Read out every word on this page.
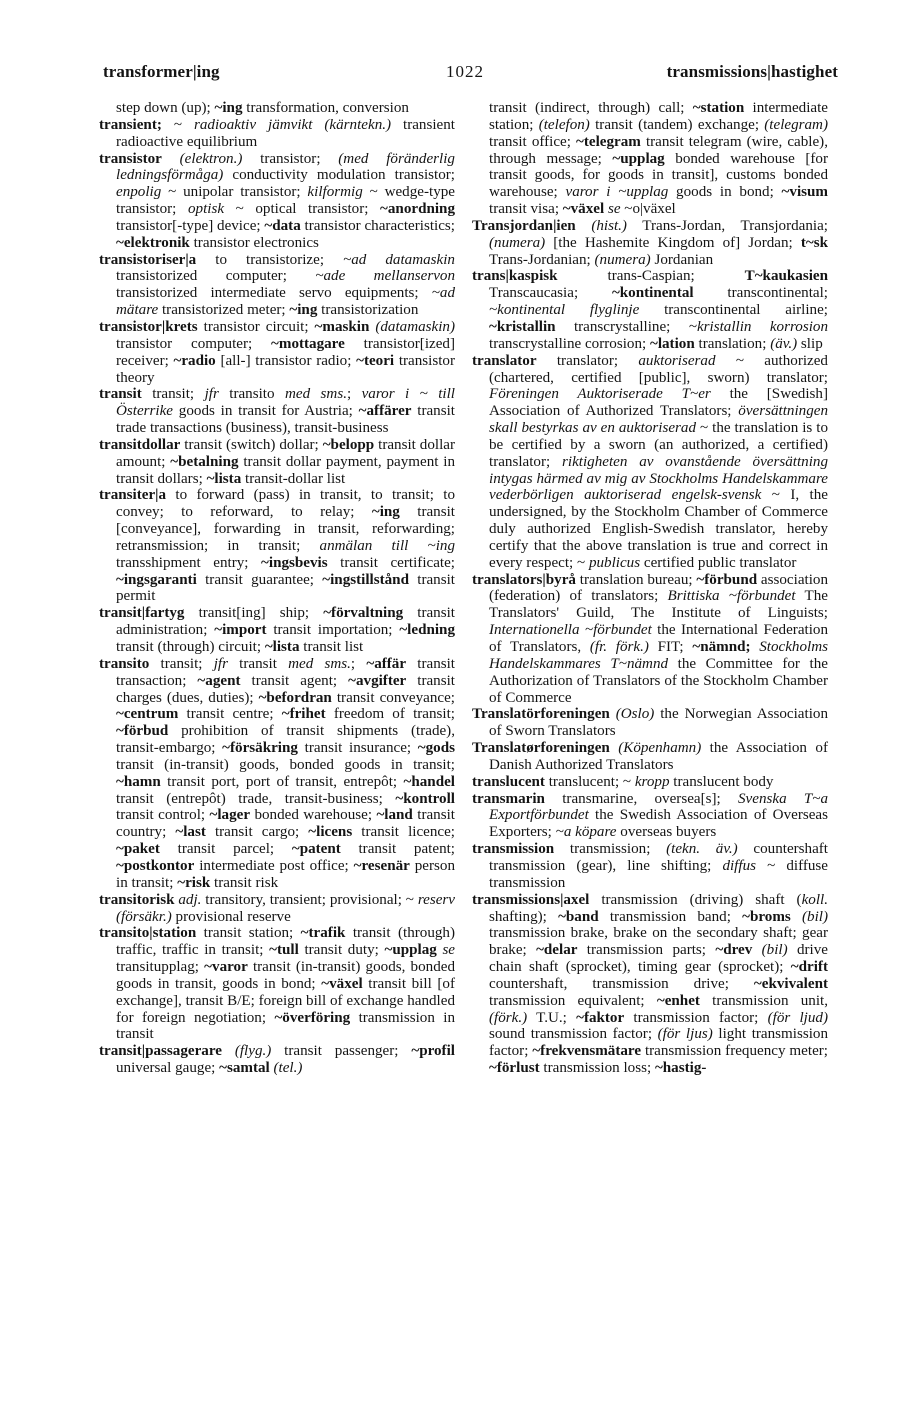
transformer|ing	1022	transmissions|hastighet

step down (up); ~ing transformation, conversion

transient; ~ radioaktiv jämvikt (kärntekn.) transient radioactive equilibrium

transistor (elektron.) transistor; (med föränderlig ledningsförmåga) conductivity modulation transistor; enpolig ~ unipolar transistor; kilformig ~ wedge-type transistor; optisk ~ optical transistor; ~anordning transistor[-type] device; ~data transistor characteristics; ~elektronik transistor electronics

transistoriser|a to transistorize; ~ad datamaskin transistorized computer; ~ade mellanservon transistorized intermediate servo equipments; ~ad mätare transistorized meter; ~ing transistorization

transistor|krets transistor circuit; ~maskin (datamaskin) transistor computer; ~mottagare transistor[ized] receiver; ~radio [all-] transistor radio; ~teori transistor theory

transit transit; jfr transito med sms.; varor i ~ till Österrike goods in transit for Austria; ~affärer transit trade transactions (business), transit-business

transitdollar transit (switch) dollar; ~belopp transit dollar amount; ~betalning transit dollar payment, payment in transit dollars; ~lista transit-dollar list

transiter|a to forward (pass) in transit, to transit; to convey; to reforward, to relay; ~ing transit [conveyance], forwarding in transit, reforwarding; retransmission; in transit; anmälan till ~ing transshipment entry; ~ingsbevis transit certificate; ~ingsgaranti transit guarantee; ~ingstillstånd transit permit

transit|fartyg transit[ing] ship; ~förvaltning transit administration; ~import transit importation; ~ledning transit (through) circuit; ~lista transit list

transito transit; jfr transit med sms.; ~affär transit transaction; ~agent transit agent; ~avgifter transit charges (dues, duties); ~befordran transit conveyance; ~centrum transit centre; ~frihet freedom of transit; ~förbud prohibition of transit shipments (trade), transit-embargo; ~försäkring transit insurance; ~gods transit (in-transit) goods, bonded goods in transit; ~hamn transit port, port of transit, entrepôt; ~handel transit (entrepôt) trade, transit-business; ~kontroll transit control; ~lager bonded warehouse; ~land transit country; ~last transit cargo; ~licens transit licence; ~paket transit parcel; ~patent transit patent; ~postkontor intermediate post office; ~resenär person in transit; ~risk transit risk

transitorisk adj. transitory, transient; provisional; ~ reserv (försäkr.) provisional reserve

transito|station transit station; ~trafik transit (through) traffic, traffic in transit; ~tull transit duty; ~upplag se transitupplag; ~varor transit (in-transit) goods, bonded goods in transit, goods in bond; ~växel transit bill [of exchange], transit B/E; foreign bill of exchange handled for foreign negotiation; ~överföring transmission in transit

transit|passagerare (flyg.) transit passenger; ~profil universal gauge; ~samtal (tel.)

transit (indirect, through) call; ~station intermediate station; (telefon) transit (tandem) exchange; (telegram) transit office; ~telegram transit telegram (wire, cable), through message; ~upplag bonded warehouse [for transit goods, for goods in transit], customs bonded warehouse; varor i ~upplag goods in bond; ~visum transit visa; ~växel se ~o|växel

Transjordan|ien (hist.) Trans-Jordan, Transjordania; (numera) [the Hashemite Kingdom of] Jordan; t~sk Trans-Jordanian; (numera) Jordanian

trans|kaspisk trans-Caspian; T~kaukasien Transcaucasia; ~kontinental transcontinental; ~kontinental flyglinje transcontinental airline; ~kristallin transcrystalline; ~kristallin korrosion transcrystalline corrosion; ~lation translation; (äv.) slip

translator translator; auktoriserad ~ authorized (chartered, certified [public], sworn) translator; Föreningen Auktoriserade T~er the [Swedish] Association of Authorized Translators; översättningen skall bestyrkas av en auktoriserad ~ the translation is to be certified by a sworn (an authorized, a certified) translator; riktigheten av ovanstående översättning intygas härmed av mig av Stockholms Handelskammare vederbörligen auktoriserad engelsk-svensk ~ I, the undersigned, by the Stockholm Chamber of Commerce duly authorized English-Swedish translator, hereby certify that the above translation is true and correct in every respect; ~ publicus certified public translator

translators|byrå translation bureau; ~förbund association (federation) of translators; Brittiska ~förbundet The Translators' Guild, The Institute of Linguists; Internationella ~förbundet the International Federation of Translators, (fr. förk.) FIT; ~nämnd; Stockholms Handelskammares T~nämnd the Committee for the Authorization of Translators of the Stockholm Chamber of Commerce

Translatörforeningen (Oslo) the Norwegian Association of Sworn Translators

Translatørforeningen (Köpenhamn) the Association of Danish Authorized Translators

translucent translucent; ~ kropp translucent body

transmarin transmarine, oversea[s]; Svenska T~a Exportförbundet the Swedish Association of Overseas Exporters; ~a köpare overseas buyers

transmission transmission; (tekn. äv.) countershaft transmission (gear), line shifting; diffus ~ diffuse transmission

transmissions|axel transmission (driving) shaft (koll. shafting); ~band transmission band; ~broms (bil) transmission brake, brake on the secondary shaft; gear brake; ~delar transmission parts; ~drev (bil) drive chain shaft (sprocket), timing gear (sprocket); ~drift countershaft, transmission drive; ~ekvivalent transmission equivalent; ~enhet transmission unit, (förk.) T.U.; ~faktor transmission factor; (för ljud) sound transmission factor; (för ljus) light transmission factor; ~frekvensmätare transmission frequency meter; ~förlust transmission loss; ~hastig-
